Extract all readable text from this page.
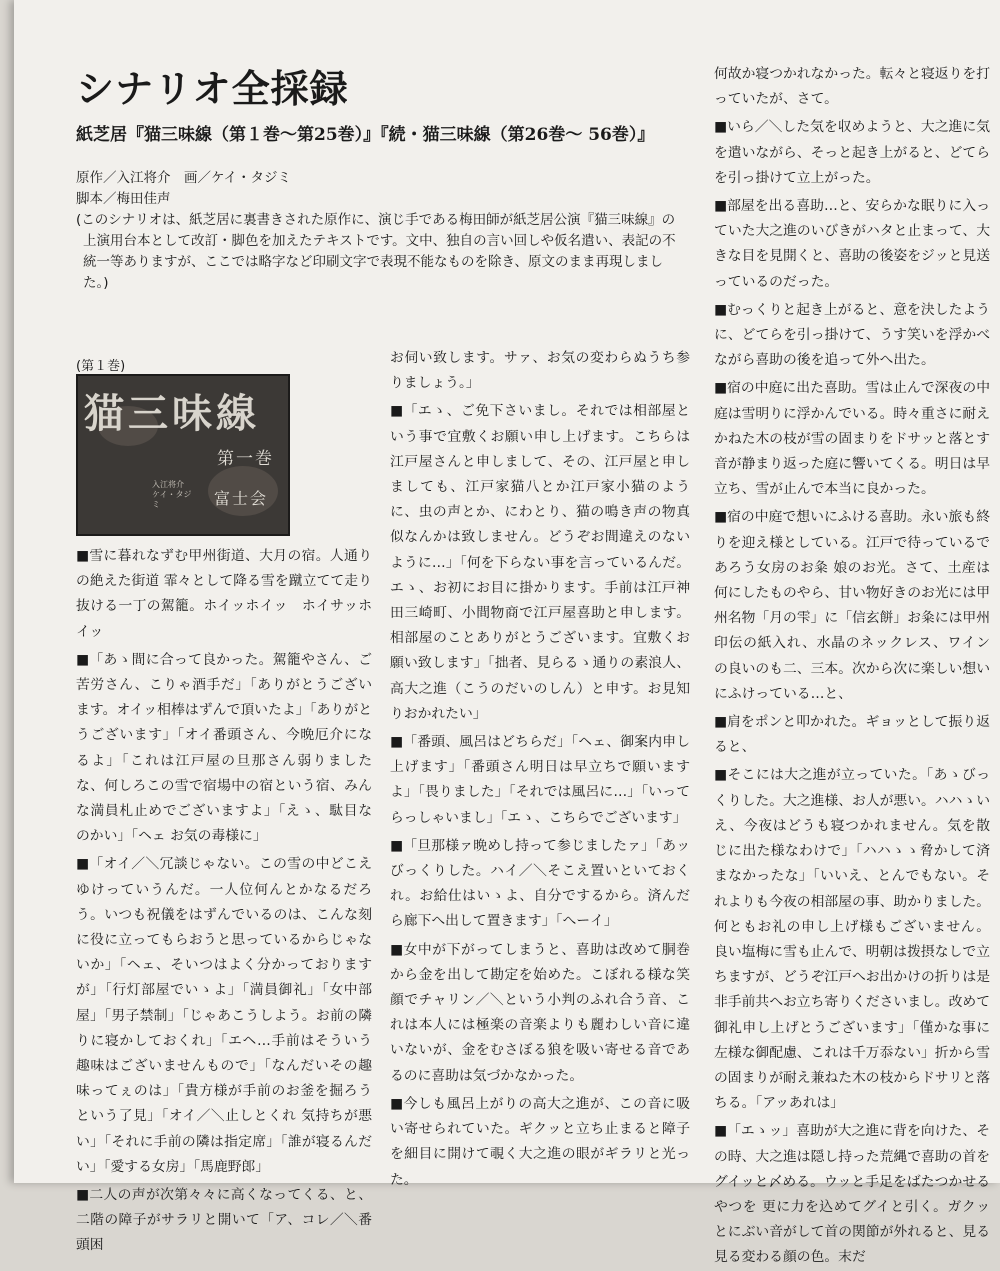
シナリオ全採録
紙芝居『猫三味線（第１巻〜第25巻）』『続・猫三味線（第26巻〜 56巻）』

原作／入江将介　画／ケイ・タジミ

脚本／梅田佳声

(このシナリオは、紙芝居に裏書きされた原作に、演じ手である梅田師が紙芝居公演『猫三味線』の上演用台本として改訂・脚色を加えたテキストです。文中、独自の言い回しや仮名遣い、表記の不統一等ありますが、ここでは略字など印刷文字で表現不能なものを除き、原文のまま再現しました。)

(第１巻)

猫三味線
第一巻
入江将介 ケイ・タジミ	富士会

■雪に暮れなずむ甲州街道、大月の宿。人通りの絶えた街道 霏々として降る雪を蹴立てて走り抜ける一丁の駕籠。ホイッホイッ　ホイサッホイッ

■「あゝ間に合って良かった。駕籠やさん、ご苦労さん、こりゃ酒手だ」「ありがとうございます。オイッ相棒はずんで頂いたよ」「ありがとうございます」「オイ番頭さん、今晩厄介になるよ」「これは江戸屋の旦那さん弱りましたな、何しろこの雪で宿場中の宿という宿、みんな満員札止めでございますよ」「えゝ、駄目なのかい」「ヘェ お気の毒様に」

■「オイ／＼冗談じゃない。この雪の中どこえゆけっていうんだ。一人位何んとかなるだろう。いつも祝儀をはずんでいるのは、こんな刻に役に立ってもらおうと思っているからじゃないか」「ヘェ、そいつはよく分かっておりますが」「行灯部屋でいゝよ」「満員御礼」「女中部屋」「男子禁制」「じゃあこうしよう。お前の隣りに寝かしておくれ」「エヘ…手前はそういう趣味はございませんもので」「なんだいその趣味ってぇのは」「貴方様が手前のお釜を掘ろうという了見」「オイ／＼止しとくれ 気持ちが悪い」「それに手前の隣は指定席」「誰が寝るんだい」「愛する女房」「馬鹿野郎」

■二人の声が次第々々に高くなってくる、と、二階の障子がサラリと開いて「ア、コレ／＼番頭困

お伺い致します。サァ、お気の変わらぬうち参りましょう。」

■「エゝ、ご免下さいまし。それでは相部屋という事で宜敷くお願い申し上げます。こちらは江戸屋さんと申しまして、その、江戸屋と申しましても、江戸家猫八とか江戸家小猫のように、虫の声とか、にわとり、猫の鳴き声の物真似なんかは致しません。どうぞお間違えのないように…」「何を下らない事を言っているんだ。エゝ、お初にお目に掛かります。手前は江戸神田三崎町、小間物商で江戸屋喜助と申します。相部屋のことありがとうございます。宜敷くお願い致します」「拙者、見らるゝ通りの素浪人、高大之進（こうのだいのしん）と申す。お見知りおかれたい」

■「番頭、風呂はどちらだ」「ヘェ、御案内申し上げます」「番頭さん明日は早立ちで願いますよ」「畏りました」「それでは風呂に…」「いってらっしゃいまし」「エゝ、こちらでございます」

■「旦那様ァ晩めし持って参じましたァ」「あッ びっくりした。ハイ／＼そこえ置いといておくれ。お給仕はいゝよ、自分でするから。済んだら廊下へ出して置きます」「へーイ」

■女中が下がってしまうと、喜助は改めて胴巻から金を出して勘定を始めた。こぼれる様な笑顔でチャリン／＼という小判のふれ合う音、これは本人には極楽の音楽よりも麗わしい音に違いないが、金をむさぼる狼を吸い寄せる音であるのに喜助は気づかなかった。

■今しも風呂上がりの高大之進が、この音に吸い寄せられていた。ギクッと立ち止まると障子を細目に開けて覗く大之進の眼がギラリと光った。

何故か寝つかれなかった。転々と寝返りを打っていたが、さて。

■いら／＼した気を収めようと、大之進に気を遣いながら、そっと起き上がると、どてらを引っ掛けて立上がった。

■部屋を出る喜助…と、安らかな眠りに入っていた大之進のいびきがハタと止まって、大きな目を見開くと、喜助の後姿をジッと見送っているのだった。

■むっくりと起き上がると、意を決したように、どてらを引っ掛けて、うす笑いを浮かべながら喜助の後を追って外へ出た。

■宿の中庭に出た喜助。雪は止んで深夜の中庭は雪明りに浮かんでいる。時々重さに耐えかねた木の枝が雪の固まりをドサッと落とす音が静まり返った庭に響いてくる。明日は早立ち、雪が止んで本当に良かった。

■宿の中庭で想いにふける喜助。永い旅も終りを迎え様としている。江戸で待っているであろう女房のお粂 娘のお光。さて、土産は何にしたものやら、甘い物好きのお光には甲州名物「月の雫」に「信玄餅」お粂には甲州印伝の紙入れ、水晶のネックレス、ワインの良いのも二、三本。次から次に楽しい想いにふけっている…と、

■肩をポンと叩かれた。ギョッとして振り返ると、

■そこには大之進が立っていた。「あゝびっくりした。大之進様、お人が悪い。ハハゝいえ、今夜はどうも寝つかれません。気を散じに出た様なわけで」「ハハゝゝ脅かして済まなかったな」「いいえ、とんでもない。それよりも今夜の相部屋の事、助かりました。何ともお礼の申し上げ様もございません。良い塩梅に雪も止んで、明朝は拨摂なしで立ちますが、どうぞ江戸へお出かけの折りは是非手前共へお立ち寄りくださいまし。改めて御礼申し上げとうございます」「僅かな事に左様な御配慮、これは千万忝ない」折から雪の固まりが耐え兼ねた木の枝からドサリと落ちる。「アッあれは」

■「エゝッ」喜助が大之進に背を向けた、その時、大之進は隠し持った荒縄で喜助の首をグイッと〆める。ウッと手足をばたつかせるやつを 更に力を込めてグイと引く。ガクッとにぶい音がして首の関節が外れると、見る見る変わる顔の色。末だ
